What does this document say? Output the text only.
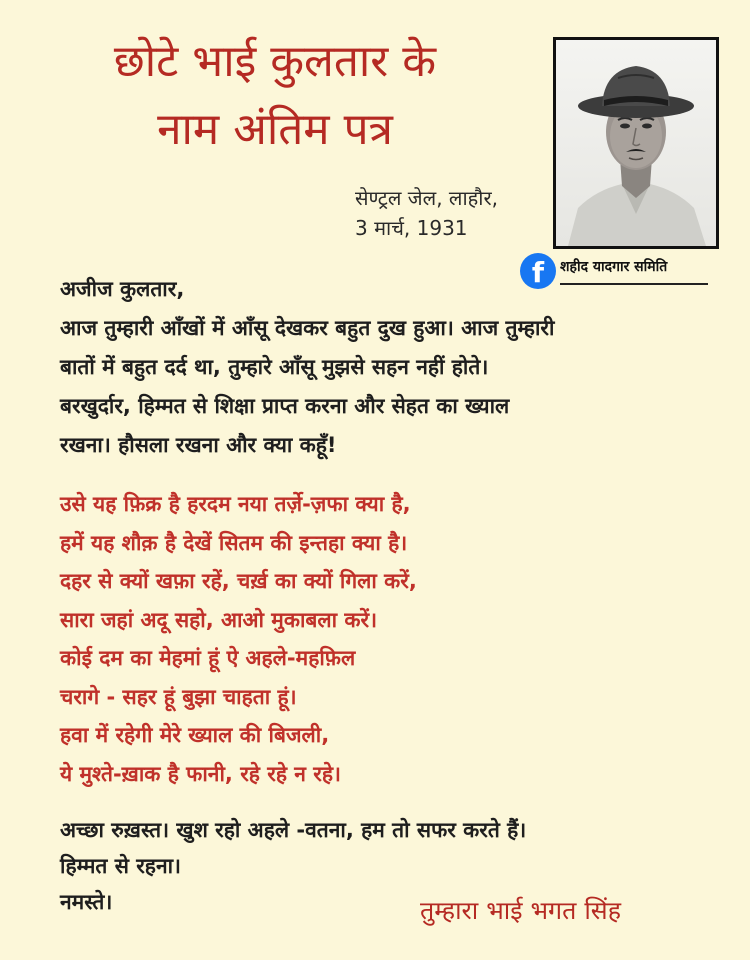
छोटे भाई कुलतार के
नाम अंतिम पत्र
सेण्ट्रल जेल, लाहौर,
3 मार्च, 1931
f	शहीद यादगार समिति
अजीज कुलतार,
आज तुम्हारी आँखों में आँसू देखकर बहुत दुख हुआ। आज तुम्हारी
बातों में बहुत दर्द था, तुम्हारे आँसू मुझसे सहन नहीं होते।
बरखुर्दार, हिम्मत से शिक्षा प्राप्त करना और सेहत का ख्याल
रखना। हौसला रखना और क्या कहूँ!
उसे यह फ़िक्र है हरदम नया तर्ज़े-ज़फा क्या है,
हमें यह शौक़ है देखें सितम की इन्तहा क्या है।
दहर से क्यों खफ़ा रहें, चर्ख़ का क्यों गिला करें,
सारा जहां अदू सहो, आओ मुकाबला करें।
कोई दम का मेहमां हूं ऐ अहले-महफ़िल
चरागे - सहर हूं बुझा चाहता हूं।
हवा में रहेगी मेरे ख्याल की बिजली,
ये मुश्ते-ख़ाक है फानी, रहे रहे न रहे।
अच्छा रुख़स्त। खुश रहो अहले -वतना, हम तो सफर करते हैं।
हिम्मत से रहना।
नमस्ते।	तुम्हारा भाई भगत सिंह
